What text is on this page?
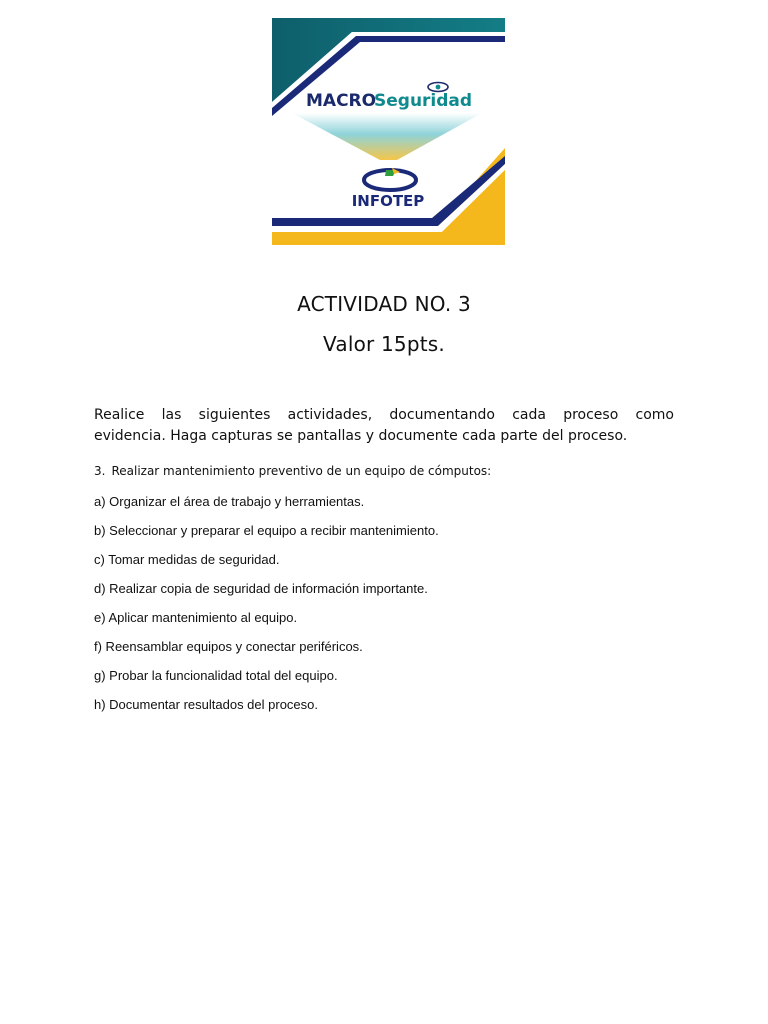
MACRO
Seguridad
INFOTEP
ACTIVIDAD NO. 3
Valor 15pts.
Realice las siguientes actividades, documentando cada proceso como
evidencia. Haga capturas se pantallas y documente cada parte del proceso.
3. Realizar mantenimiento preventivo de un equipo de cómputos:
a) Organizar el área de trabajo y herramientas.
b) Seleccionar y preparar el equipo a recibir mantenimiento.
c) Tomar medidas de seguridad.
d) Realizar copia de seguridad de información importante.
e) Aplicar mantenimiento al equipo.
f) Reensamblar equipos y conectar periféricos.
g) Probar la funcionalidad total del equipo.
h) Documentar resultados del proceso.
